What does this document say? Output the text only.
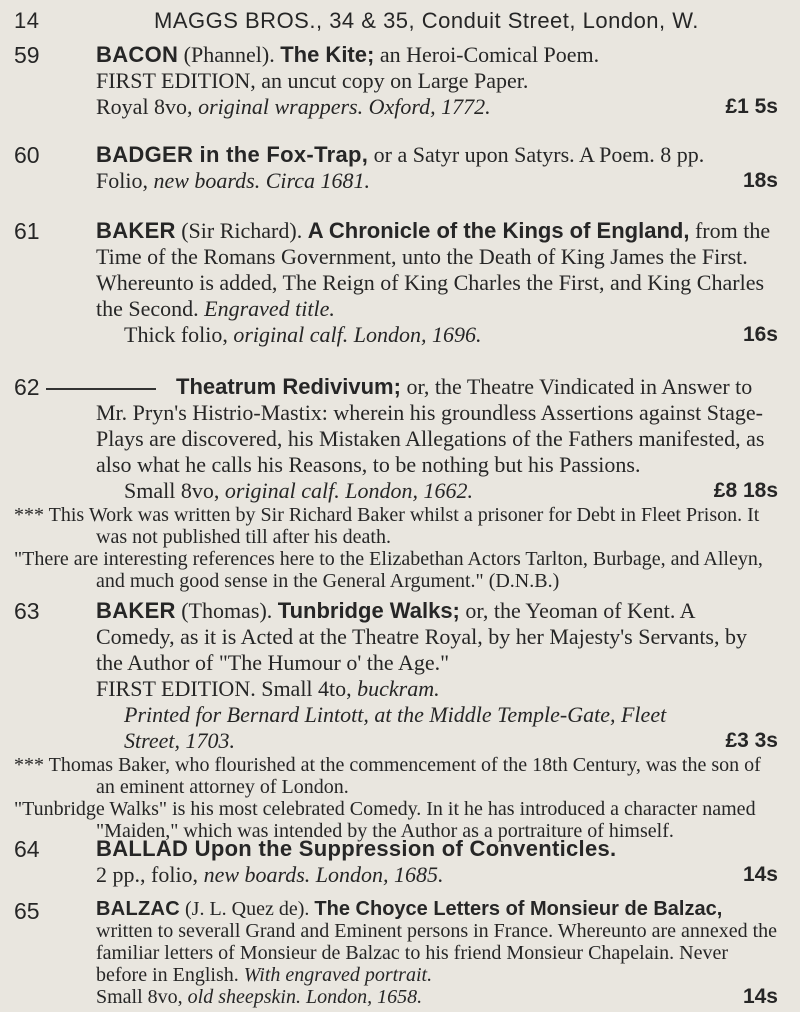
14	MAGGS BROS., 34 & 35, Conduit Street, London, W.
59	BACON (Phannel). The Kite; an Heroi-Comical Poem.
FIRST EDITION, an uncut copy on Large Paper.
Royal 8vo, original wrappers. Oxford, 1772.	£1 5s
60	BADGER in the Fox-Trap, or a Satyr upon Satyrs. A Poem. 8 pp.
Folio, new boards. Circa 1681.	18s
61	BAKER (Sir Richard). A Chronicle of the Kings of England, from the Time of the Romans Government, unto the Death of King James the First. Whereunto is added, The Reign of King Charles the First, and King Charles the Second. Engraved title.
Thick folio, original calf. London, 1696.	16s
62	Theatrum Redivivum; or, the Theatre Vindicated in Answer to Mr. Pryn's Histrio-Mastix: wherein his groundless Assertions against Stage-Plays are discovered, his Mistaken Allegations of the Fathers manifested, as also what he calls his Reasons, to be nothing but his Passions.
Small 8vo, original calf. London, 1662.	£8 18s

*** This Work was written by Sir Richard Baker whilst a prisoner for Debt in Fleet Prison. It was not published till after his death.

"There are interesting references here to the Elizabethan Actors Tarlton, Burbage, and Alleyn, and much good sense in the General Argument." (D.N.B.)

63	BAKER (Thomas). Tunbridge Walks; or, the Yeoman of Kent. A Comedy, as it is Acted at the Theatre Royal, by her Majesty's Servants, by the Author of "The Humour o' the Age."
FIRST EDITION. Small 4to, buckram.
Printed for Bernard Lintott, at the Middle Temple-Gate, Fleet Street, 1703.	£3 3s

*** Thomas Baker, who flourished at the commencement of the 18th Century, was the son of an eminent attorney of London.

"Tunbridge Walks" is his most celebrated Comedy. In it he has introduced a character named "Maiden," which was intended by the Author as a portraiture of himself.

64	BALLAD Upon the Suppression of Conventicles.
2 pp., folio, new boards. London, 1685.	14s
65	BALZAC (J. L. Quez de). The Choyce Letters of Monsieur de Balzac, written to severall Grand and Eminent persons in France. Whereunto are annexed the familiar letters of Monsieur de Balzac to his friend Monsieur Chapelain. Never before in English. With engraved portrait.
Small 8vo, old sheepskin. London, 1658.	14s
